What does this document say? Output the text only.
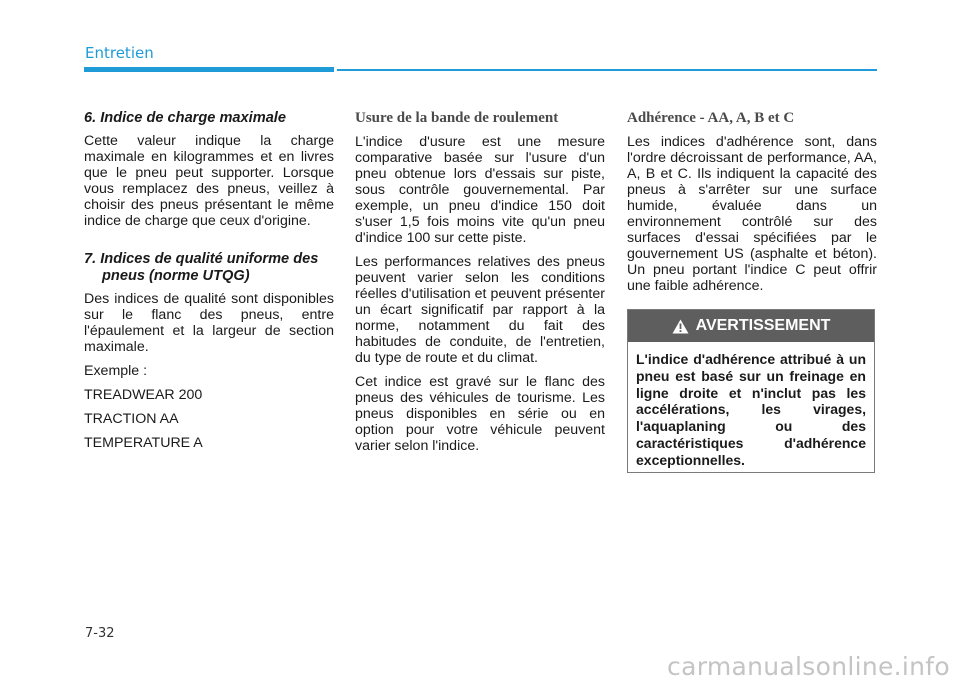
Entretien
6. Indice de charge maximale

Cette valeur indique la charge maximale en kilogrammes et en livres que le pneu peut supporter. Lorsque vous remplacez des pneus, veillez à choisir des pneus présentant le même indice de charge que ceux d'origine.

7. Indices de qualité uniforme des pneus (norme UTQG)

Des indices de qualité sont disponibles sur le flanc des pneus, entre l'épaulement et la largeur de section maximale.

Exemple :

TREADWEAR 200

TRACTION AA

TEMPERATURE A

Usure de la bande de roulement

L'indice d'usure est une mesure comparative basée sur l'usure d'un pneu obtenue lors d'essais sur piste, sous contrôle gouvernemental. Par exemple, un pneu d'indice 150 doit s'user 1,5 fois moins vite qu'un pneu d'indice 100 sur cette piste.

Les performances relatives des pneus peuvent varier selon les conditions réelles d'utilisation et peuvent présenter un écart significatif par rapport à la norme, notamment du fait des habitudes de conduite, de l'entretien, du type de route et du climat.

Cet indice est gravé sur le flanc des pneus des véhicules de tourisme. Les pneus disponibles en série ou en option pour votre véhicule peuvent varier selon l'indice.

Adhérence - AA, A, B et C

Les indices d'adhérence sont, dans l'ordre décroissant de performance, AA, A, B et C. Ils indiquent la capacité des pneus à s'arrêter sur une surface humide, évaluée dans un environnement contrôlé sur des surfaces d'essai spécifiées par le gouvernement US (asphalte et béton). Un pneu portant l'indice C peut offrir une faible adhérence.

AVERTISSEMENT
L'indice d'adhérence attribué à un pneu est basé sur un freinage en ligne droite et n'inclut pas les accélérations, les virages, l'aquaplaning ou des caractéristiques d'adhérence exceptionnelles.
7-32
carmanualsonline.info
